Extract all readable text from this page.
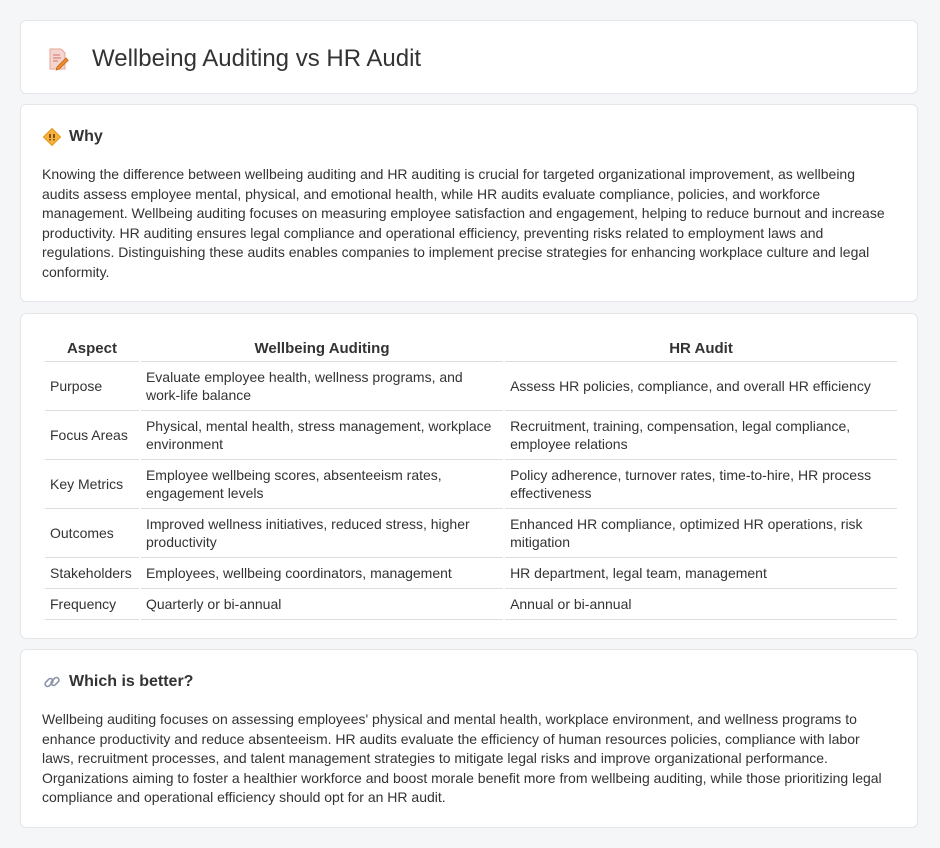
Wellbeing Auditing vs HR Audit
Why

Knowing the difference between wellbeing auditing and HR auditing is crucial for targeted organizational improvement, as wellbeing audits assess employee mental, physical, and emotional health, while HR audits evaluate compliance, policies, and workforce management. Wellbeing auditing focuses on measuring employee satisfaction and engagement, helping to reduce burnout and increase productivity. HR auditing ensures legal compliance and operational efficiency, preventing risks related to employment laws and regulations. Distinguishing these audits enables companies to implement precise strategies for enhancing workplace culture and legal conformity.

Aspect	Wellbeing Auditing	HR Audit
Purpose	Evaluate employee health, wellness programs, and work-life balance	Assess HR policies, compliance, and overall HR efficiency
Focus Areas	Physical, mental health, stress management, workplace environment	Recruitment, training, compensation, legal compliance, employee relations
Key Metrics	Employee wellbeing scores, absenteeism rates, engagement levels	Policy adherence, turnover rates, time-to-hire, HR process effectiveness
Outcomes	Improved wellness initiatives, reduced stress, higher productivity	Enhanced HR compliance, optimized HR operations, risk mitigation
Stakeholders	Employees, wellbeing coordinators, management	HR department, legal team, management
Frequency	Quarterly or bi-annual	Annual or bi-annual
Which is better?

Wellbeing auditing focuses on assessing employees' physical and mental health, workplace environment, and wellness programs to enhance productivity and reduce absenteeism. HR audits evaluate the efficiency of human resources policies, compliance with labor laws, recruitment processes, and talent management strategies to mitigate legal risks and improve organizational performance. Organizations aiming to foster a healthier workforce and boost morale benefit more from wellbeing auditing, while those prioritizing legal compliance and operational efficiency should opt for an HR audit.
